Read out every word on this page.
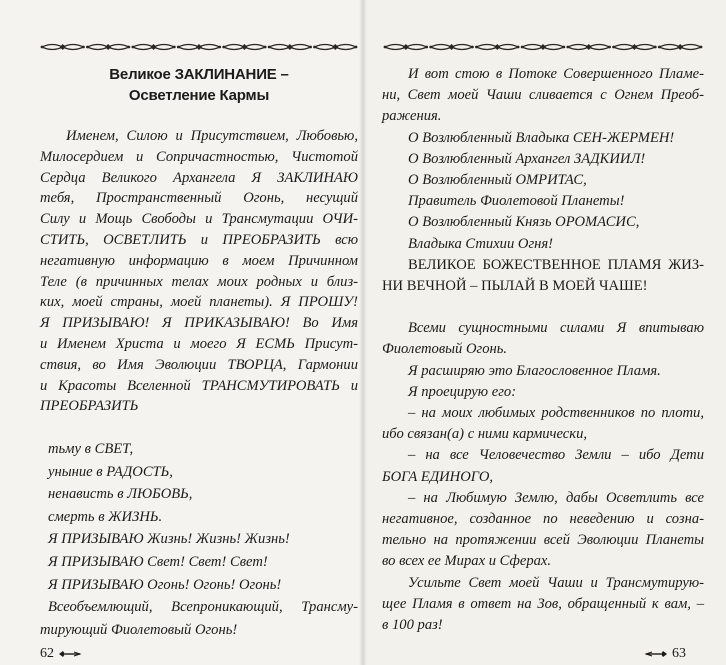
Великое ЗАКЛИНАНИЕ –
Осветление Кармы
Именем, Силою и Присутствием, Любовью,
Милосердием и Сопричастностью, Чистотой
Сердца Великого Архангела Я ЗАКЛИНАЮ
тебя, Пространственный Огонь, несущий
Силу и Мощь Свободы и Трансмутации ОЧИ-
СТИТЬ, ОСВЕТЛИТЬ и ПРЕОБРАЗИТЬ всю
негативную информацию в моем Причинном
Теле (в причинных телах моих родных и близ-
ких, моей страны, моей планеты). Я ПРОШУ!
Я ПРИЗЫВАЮ! Я ПРИКАЗЫВАЮ! Во Имя
и Именем Христа и моего Я ЕСМЬ Присут-
ствия, во Имя Эволюции ТВОРЦА, Гармонии
и Красоты Вселенной ТРАНСМУТИРОВАТЬ и
ПРЕОБРАЗИТЬ
тьму в СВЕТ,
уныние в РАДОСТЬ,
ненависть в ЛЮБОВЬ,
смерть в ЖИЗНЬ.
Я ПРИЗЫВАЮ Жизнь! Жизнь! Жизнь!
Я ПРИЗЫВАЮ Свет! Свет! Свет!
Я ПРИЗЫВАЮ Огонь! Огонь! Огонь!
Всеобъемлющий, Всепроникающий, Трансму-
тирующий Фиолетовый Огонь!
62
И вот стою в Потоке Совершенного Пламе-
ни, Свет моей Чаши сливается с Огнем Преоб-
ражения.
О Возлюбленный Владыка СЕН-ЖЕРМЕН!
О Возлюбленный Архангел ЗАДКИИЛ!
О Возлюбленный ОМРИТАС,
Правитель Фиолетовой Планеты!
О Возлюбленный Князь ОРОМАСИС,
Владыка Стихии Огня!
ВЕЛИКОЕ БОЖЕСТВЕННОЕ ПЛАМЯ ЖИЗ-
НИ ВЕЧНОЙ – ПЫЛАЙ В МОЕЙ ЧАШЕ!
Всеми сущностными силами Я впитываю
Фиолетовый Огонь.
Я расширяю это Благословенное Пламя.
Я проецирую его:
– на моих любимых родственников по плоти,
ибо связан(а) с ними кармически,
– на все Человечество Земли – ибо Дети
БОГА ЕДИНОГО,
– на Любимую Землю, дабы Осветлить все
негативное, созданное по неведению и созна-
тельно на протяжении всей Эволюции Планеты
во всех ее Мирах и Сферах.
Усильте Свет моей Чаши и Трансмутирую-
щее Пламя в ответ на Зов, обращенный к вам, –
в 100 раз!
63
